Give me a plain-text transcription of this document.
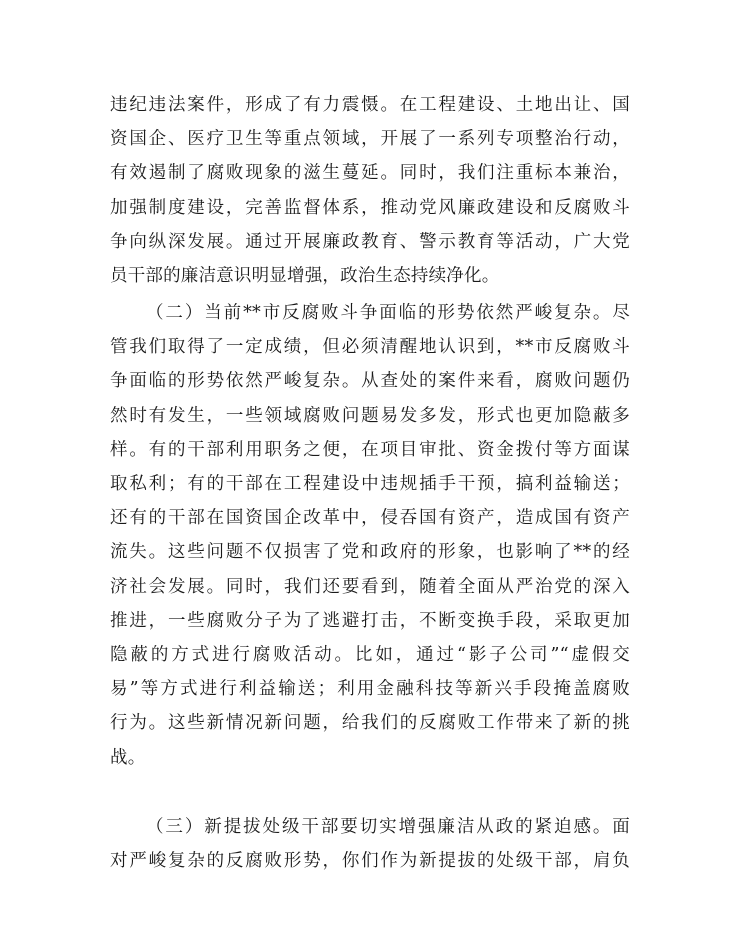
违纪违法案件，形成了有力震慑。在工程建设、土地出让、国
资国企、医疗卫生等重点领域，开展了一系列专项整治行动，
有效遏制了腐败现象的滋生蔓延。同时，我们注重标本兼治，
加强制度建设，完善监督体系，推动党风廉政建设和反腐败斗
争向纵深发展。通过开展廉政教育、警示教育等活动，广大党
员干部的廉洁意识明显增强，政治生态持续净化。
（二）当前**市反腐败斗争面临的形势依然严峻复杂。尽
管我们取得了一定成绩，但必须清醒地认识到，**市反腐败斗
争面临的形势依然严峻复杂。从查处的案件来看，腐败问题仍
然时有发生，一些领域腐败问题易发多发，形式也更加隐蔽多
样。有的干部利用职务之便，在项目审批、资金拨付等方面谋
取私利；有的干部在工程建设中违规插手干预，搞利益输送；
还有的干部在国资国企改革中，侵吞国有资产，造成国有资产
流失。这些问题不仅损害了党和政府的形象，也影响了**的经
济社会发展。同时，我们还要看到，随着全面从严治党的深入
推进，一些腐败分子为了逃避打击，不断变换手段，采取更加
隐蔽的方式进行腐败活动。比如，通过“影子公司”“虚假交
易”等方式进行利益输送；利用金融科技等新兴手段掩盖腐败
行为。这些新情况新问题，给我们的反腐败工作带来了新的挑
战。
（三）新提拔处级干部要切实增强廉洁从政的紧迫感。面
对严峻复杂的反腐败形势，你们作为新提拔的处级干部，肩负
